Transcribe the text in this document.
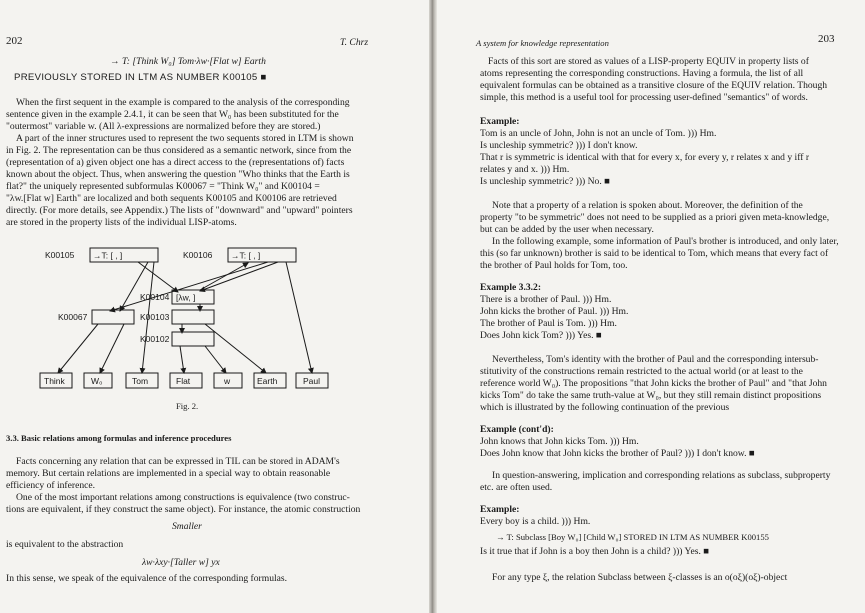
202	T. Chrz
→ T: [Think W₀] Tom·λw·[Flat w] Earth
PREVIOUSLY STORED IN LTM AS NUMBER K00105 ■
When the first sequent in the example is compared to the analysis of the corresponding
sentence given in the example 2.4.1, it can be seen that W₀ has been substituted for the
"outermost" variable w. (All λ-expressions are normalized before they are stored.)
A part of the inner structures used to represent the two sequents stored in LTM is shown
in Fig. 2. The representation can be thus considered as a semantic network, since from the
(representation of a) given object one has a direct access to the (representations of) facts
known about the object. Thus, when answering the question "Who thinks that the Earth is
flat?" the uniquely represented subformulas K00067 = "Think W₀" and K00104 =
"λw.[Flat w] Earth" are localized and both sequents K00105 and K00106 are retrieved
directly. (For more details, see Appendix.) The lists of "downward" and "upward" pointers
are stored in the property lists of the individual LISP-atoms.
K00105	K00106
→T: [ , ]	→T: [ , ]
K00104 [λw, ]
K00067	K00103
K00102
Think	W₀	Tom	Flat	w	Earth	Paul
Fig. 2.
3.3. Basic relations among formulas and inference procedures
Facts concerning any relation that can be expressed in TIL can be stored in ADAM's
memory. But certain relations are implemented in a special way to obtain reasonable
efficiency of inference.
One of the most important relations among constructions is equivalence (two construc-
tions are equivalent, if they construct the same object). For instance, the atomic construction
Smaller
is equivalent to the abstraction
λw·λxy·[Taller w] yx
In this sense, we speak of the equivalence of the corresponding formulas.
A system for knowledge representation	203
Facts of this sort are stored as values of a LISP-property EQUIV in property lists of
atoms representing the corresponding constructions. Having a formula, the list of all
equivalent formulas can be obtained as a transitive closure of the EQUIV relation. Though
simple, this method is a useful tool for processing user-defined "semantics" of words.
Example:
Tom is an uncle of John, John is not an uncle of Tom. ))) Hm.
Is uncleship symmetric? ))) I don't know.
That r is symmetric is identical with that for every x, for every y, r relates x and y iff r
relates y and x. ))) Hm.
Is uncleship symmetric? ))) No. ■
Note that a property of a relation is spoken about. Moreover, the definition of the
property "to be symmetric" does not need to be supplied as a priori given meta-knowledge,
but can be added by the user when necessary.
In the following example, some information of Paul's brother is introduced, and only later,
this (so far unknown) brother is said to be identical to Tom, which means that every fact of
the brother of Paul holds for Tom, too.
Example 3.3.2:
There is a brother of Paul. ))) Hm.
John kicks the brother of Paul. ))) Hm.
The brother of Paul is Tom. ))) Hm.
Does John kick Tom? ))) Yes. ■
Nevertheless, Tom's identity with the brother of Paul and the corresponding intersub-
stitutivity of the constructions remain restricted to the actual world (or at least to the
reference world W₀). The propositions "that John kicks the brother of Paul" and "that John
kicks Tom" do take the same truth-value at W₀, but they still remain distinct propositions
which is illustrated by the following continuation of the previous
Example (cont'd):
John knows that John kicks Tom. ))) Hm.
Does John know that John kicks the brother of Paul? ))) I don't know. ■
In question-answering, implication and corresponding relations as subclass, subproperty
etc. are often used.
Example:
Every boy is a child. ))) Hm.
→ T: Subclass [Boy W₀] [Child W₀] STORED IN LTM AS NUMBER K00155
Is it true that if John is a boy then John is a child? ))) Yes. ■
For any type ξ, the relation Subclass between ξ-classes is an o(oξ)(oξ)-object
